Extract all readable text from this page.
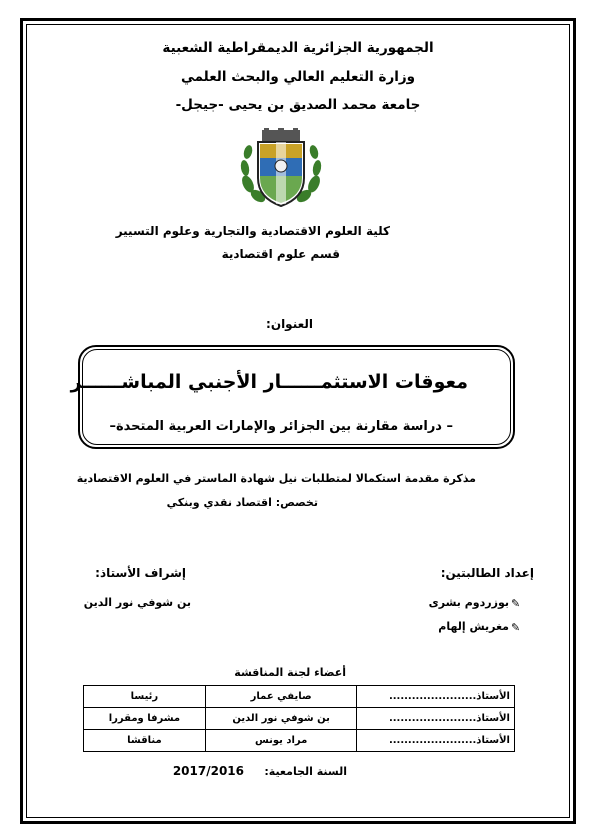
الجمهورية الجزائرية الديمقراطية الشعبية
وزارة التعليم العالي والبحث العلمي
جامعة محمد الصديق بن يحيى -جيجل-
كلية العلوم الاقتصادية والتجارية وعلوم التسيير
قسم علوم اقتصادية
العنوان:
معوقات الاستثمــــــار الأجنبي المباشــــــر
– دراسة مقارنة بين الجزائر والإمارات العربية المتحدة–
مذكرة مقدمة استكمالا لمتطلبات نيل شهادة الماستر في العلوم الاقتصادية
تخصص: اقتصاد نقدي وبنكي
إعداد الطالبتين:
بوزردوم بشرى ✎
مغريش إلهام ✎
إشراف الأستاذ:
بن شوفي نور الدين
أعضاء لجنة المناقشة
الأستاذ.......................	صايفي عمار	رئيسا
الأستاذ.......................	بن شوفي نور الدين	مشرفا ومقررا
الأستاذ.......................	مراد يونس	مناقشا
السنة الجامعية:
2017/2016
